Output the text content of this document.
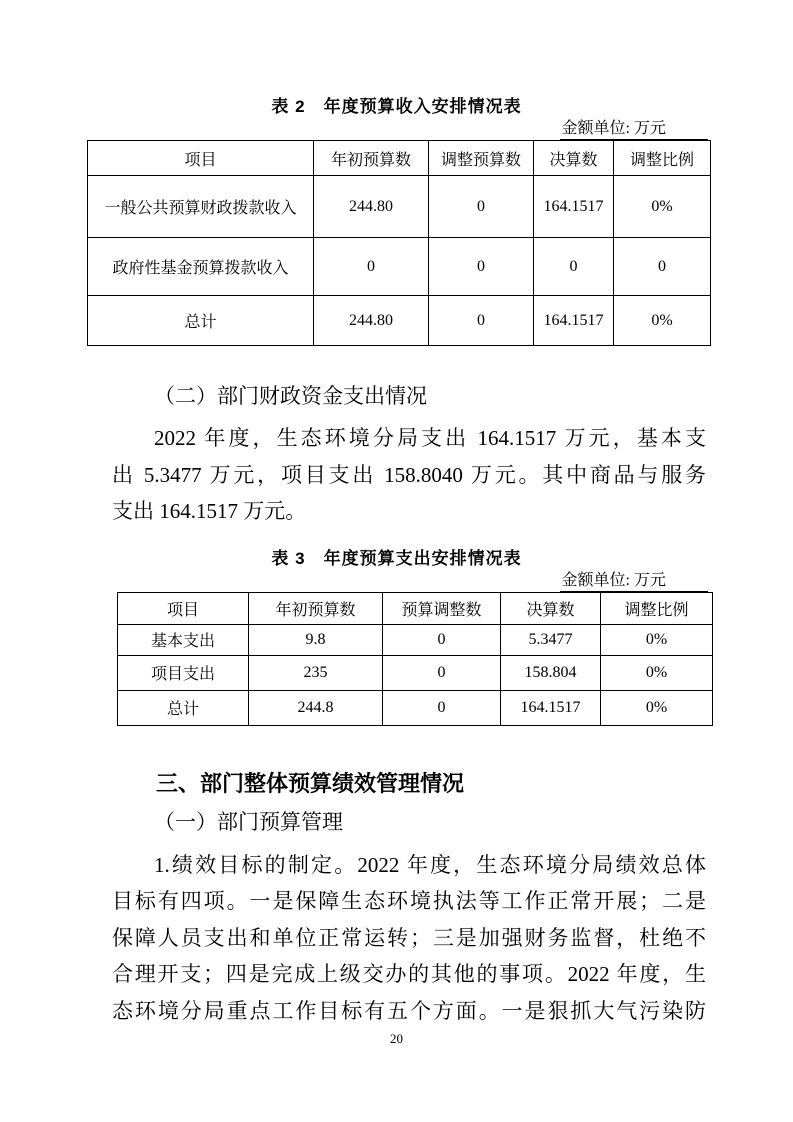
表 2　年度预算收入安排情况表
金额单位: 万元
项目	年初预算数	调整预算数	决算数	调整比例
一般公共预算财政拨款收入	244.80	0	164.1517	0%
政府性基金预算拨款收入	0	0	0	0
总计	244.80	0	164.1517	0%
（二）部门财政资金支出情况
2022 年度，生态环境分局支出 164.1517 万元，基本支
出 5.3477 万元，项目支出 158.8040 万元。其中商品与服务
支出 164.1517 万元。
表 3　年度预算支出安排情况表
金额单位: 万元
项目	年初预算数	预算调整数	决算数	调整比例
基本支出	9.8	0	5.3477	0%
项目支出	235	0	158.804	0%
总计	244.8	0	164.1517	0%
三、部门整体预算绩效管理情况
（一）部门预算管理
1.绩效目标的制定。2022 年度，生态环境分局绩效总体
目标有四项。一是保障生态环境执法等工作正常开展；二是
保障人员支出和单位正常运转；三是加强财务监督，杜绝不
合理开支；四是完成上级交办的其他的事项。2022 年度，生
态环境分局重点工作目标有五个方面。一是狠抓大气污染防
20
